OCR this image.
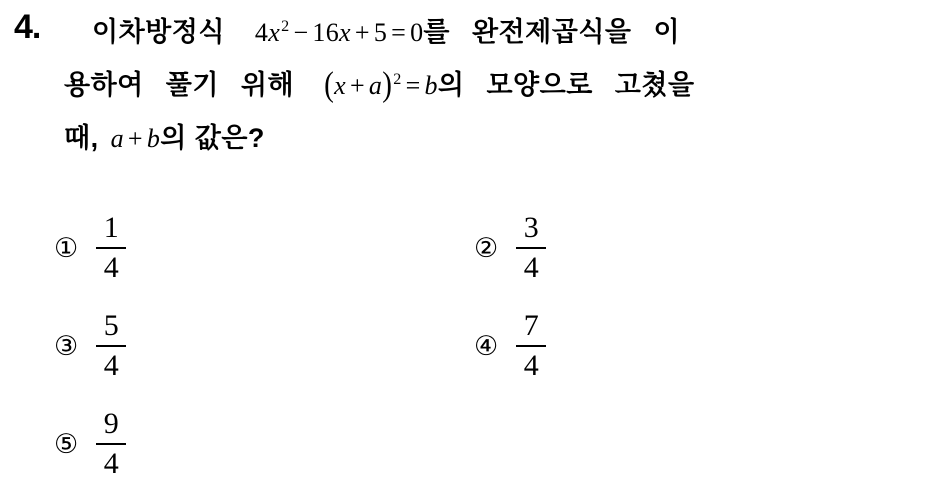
4. 이차방정식 $4x^2 - 16x + 5 = 0$ 를 완전제곱식을 이
용하여 풀기 위해 $(x + a)^2 = b$ 의 모양으로 고쳤을
때, a + b 의 값은?
① $\frac{1}{4}$	② $\frac{3}{4}$
③ $\frac{5}{4}$	④ $\frac{7}{4}$
⑤ $\frac{9}{4}$
